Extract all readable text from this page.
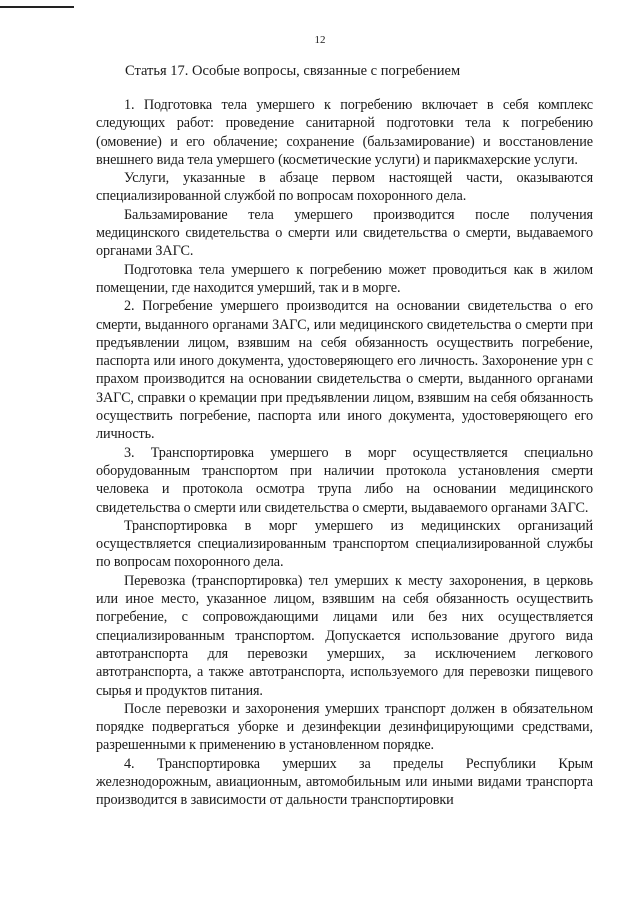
12
Статья 17. Особые вопросы, связанные с погребением

1. Подготовка тела умершего к погребению включает в себя комплекс следующих работ: проведение санитарной подготовки тела к погребению (омовение) и его облачение; сохранение (бальзамирование) и восстановление внешнего вида тела умершего (косметические услуги) и парикмахерские услуги.

Услуги, указанные в абзаце первом настоящей части, оказываются специализированной службой по вопросам похоронного дела.

Бальзамирование тела умершего производится после получения медицинского свидетельства о смерти или свидетельства о смерти, выдаваемого органами ЗАГС.

Подготовка тела умершего к погребению может проводиться как в жилом помещении, где находится умерший, так и в морге.

2. Погребение умершего производится на основании свидетельства о его смерти, выданного органами ЗАГС, или медицинского свидетельства о смерти при предъявлении лицом, взявшим на себя обязанность осуществить погребение, паспорта или иного документа, удостоверяющего его личность. Захоронение урн с прахом производится на основании свидетельства о смерти, выданного органами ЗАГС, справки о кремации при предъявлении лицом, взявшим на себя обязанность осуществить погребение, паспорта или иного документа, удостоверяющего его личность.

3. Транспортировка умершего в морг осуществляется специально оборудованным транспортом при наличии протокола установления смерти человека и протокола осмотра трупа либо на основании медицинского свидетельства о смерти или свидетельства о смерти, выдаваемого органами ЗАГС.

Транспортировка в морг умершего из медицинских организаций осуществляется специализированным транспортом специализированной службы по вопросам похоронного дела.

Перевозка (транспортировка) тел умерших к месту захоронения, в церковь или иное место, указанное лицом, взявшим на себя обязанность осуществить погребение, с сопровождающими лицами или без них осуществляется специализированным транспортом. Допускается использование другого вида автотранспорта для перевозки умерших, за исключением легкового автотранспорта, а также автотранспорта, используемого для перевозки пищевого сырья и продуктов питания.

После перевозки и захоронения умерших транспорт должен в обязательном порядке подвергаться уборке и дезинфекции дезинфицирующими средствами, разрешенными к применению в установленном порядке.

4. Транспортировка умерших за пределы Республики Крым железнодорожным, авиационным, автомобильным или иными видами транспорта производится в зависимости от дальности транспортировки
